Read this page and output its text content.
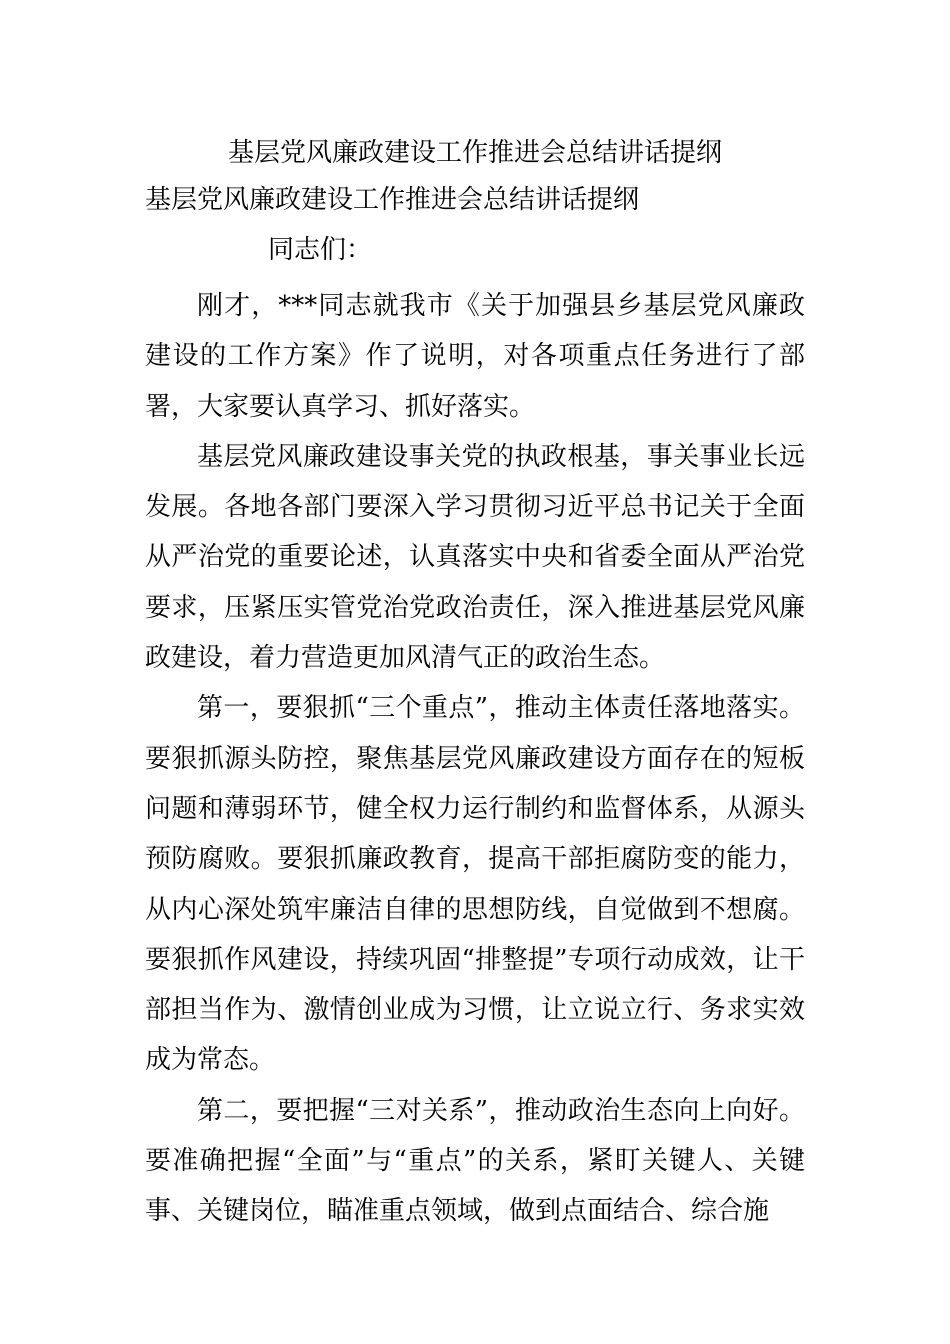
基层党风廉政建设工作推进会总结讲话提纲
基层党风廉政建设工作推进会总结讲话提纲
同志们：

刚才，***同志就我市《关于加强县乡基层党风廉政建设的工作方案》作了说明，对各项重点任务进行了部署，大家要认真学习、抓好落实。

基层党风廉政建设事关党的执政根基，事关事业长远发展。各地各部门要深入学习贯彻习近平总书记关于全面从严治党的重要论述，认真落实中央和省委全面从严治党要求，压紧压实管党治党政治责任，深入推进基层党风廉政建设，着力营造更加风清气正的政治生态。

第一，要狠抓“三个重点”，推动主体责任落地落实。要狠抓源头防控，聚焦基层党风廉政建设方面存在的短板问题和薄弱环节，健全权力运行制约和监督体系，从源头预防腐败。要狠抓廉政教育，提高干部拒腐防变的能力，从内心深处筑牢廉洁自律的思想防线，自觉做到不想腐。要狠抓作风建设，持续巩固“排整提”专项行动成效，让干部担当作为、激情创业成为习惯，让立说立行、务求实效成为常态。

第二，要把握“三对关系”，推动政治生态向上向好。要准确把握“全面”与“重点”的关系，紧盯关键人、关键事、关键岗位，瞄准重点领域，做到点面结合、综合施
